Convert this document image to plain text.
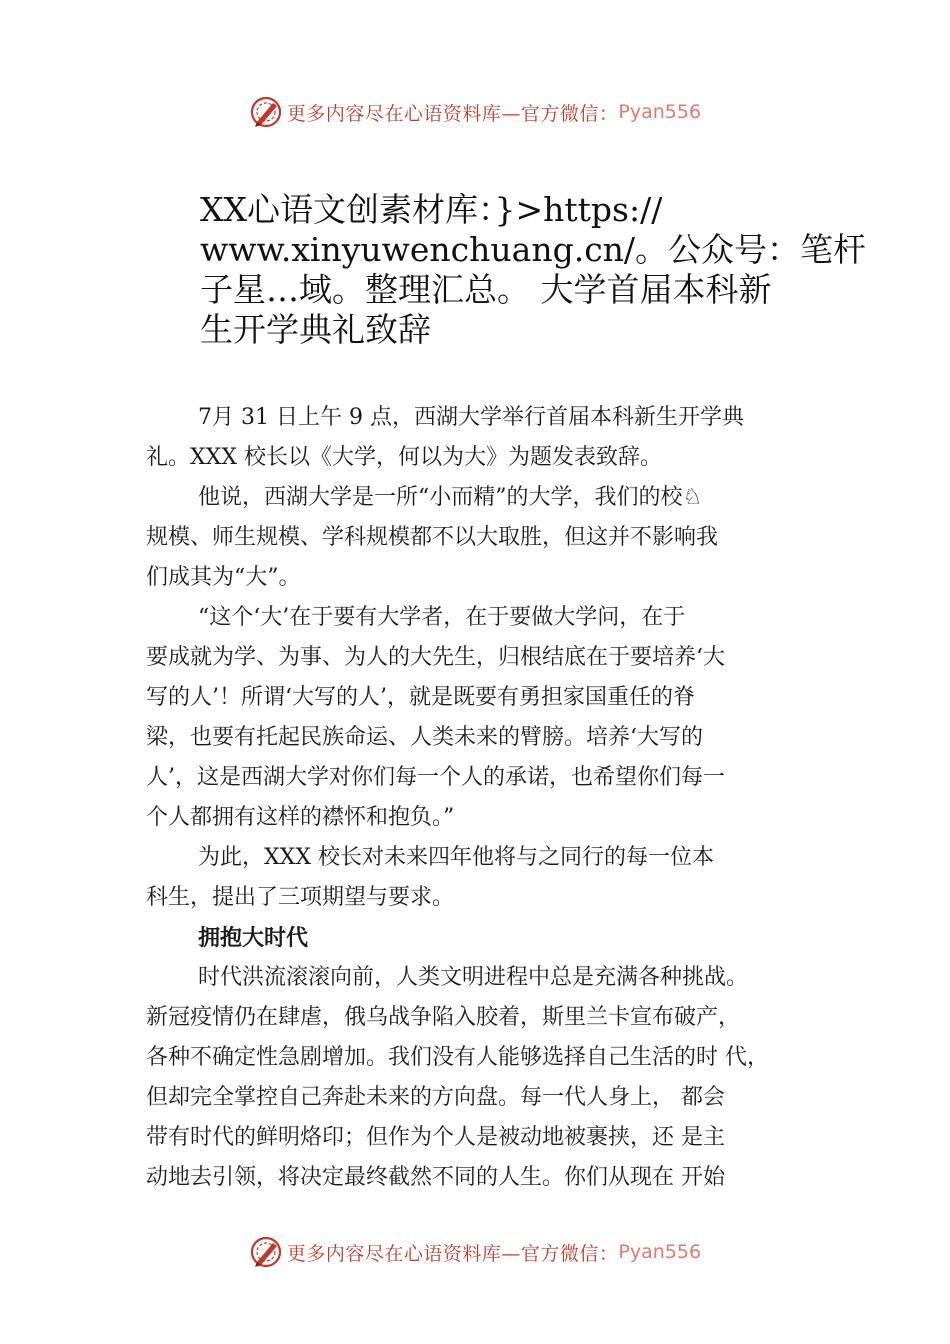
更多内容尽在心语资料库—官方微信： Pyan556
XX心语文创素材库：}>https://
www.xinyuwenchuang.cn/。公众号：笔杆
子星…域。整理汇总。 大学首届本科新
生开学典礼致辞
7月 31 日上午 9 点，西湖大学举行首届本科新生开学典
礼。XXX 校长以《大学，何以为大》为题发表致辞。
他说，西湖大学是一所“小而精”的大学，我们的校♘
规模、师生规模、学科规模都不以大取胜，但这并不影响我
们成其为“大”。
“这个‘大’在于要有大学者，在于要做大学问，在于
要成就为学、为事、为人的大先生，归根结底在于要培养‘大
写的人’！所谓‘大写的人’，就是既要有勇担家国重任的脊
梁，也要有托起民族命运、人类未来的臂膀。培养‘大写的
人’，这是西湖大学对你们每一个人的承诺，也希望你们每一
个人都拥有这样的襟怀和抱负。”
为此，XXX 校长对未来四年他将与之同行的每一位本
科生，提出了三项期望与要求。
拥抱大时代
时代洪流滚滚向前，人类文明进程中总是充满各种挑战。
新冠疫情仍在肆虐，俄乌战争陷入胶着，斯里兰卡宣布破产，
各种不确定性急剧增加。我们没有人能够选择自己生活的时 代，
但却完全掌控自己奔赴未来的方向盘。每一代人身上， 都会
带有时代的鲜明烙印；但作为个人是被动地被裹挟，还 是主
动地去引领，将决定最终截然不同的人生。你们从现在 开始
更多内容尽在心语资料库—官方微信： Pyan556
